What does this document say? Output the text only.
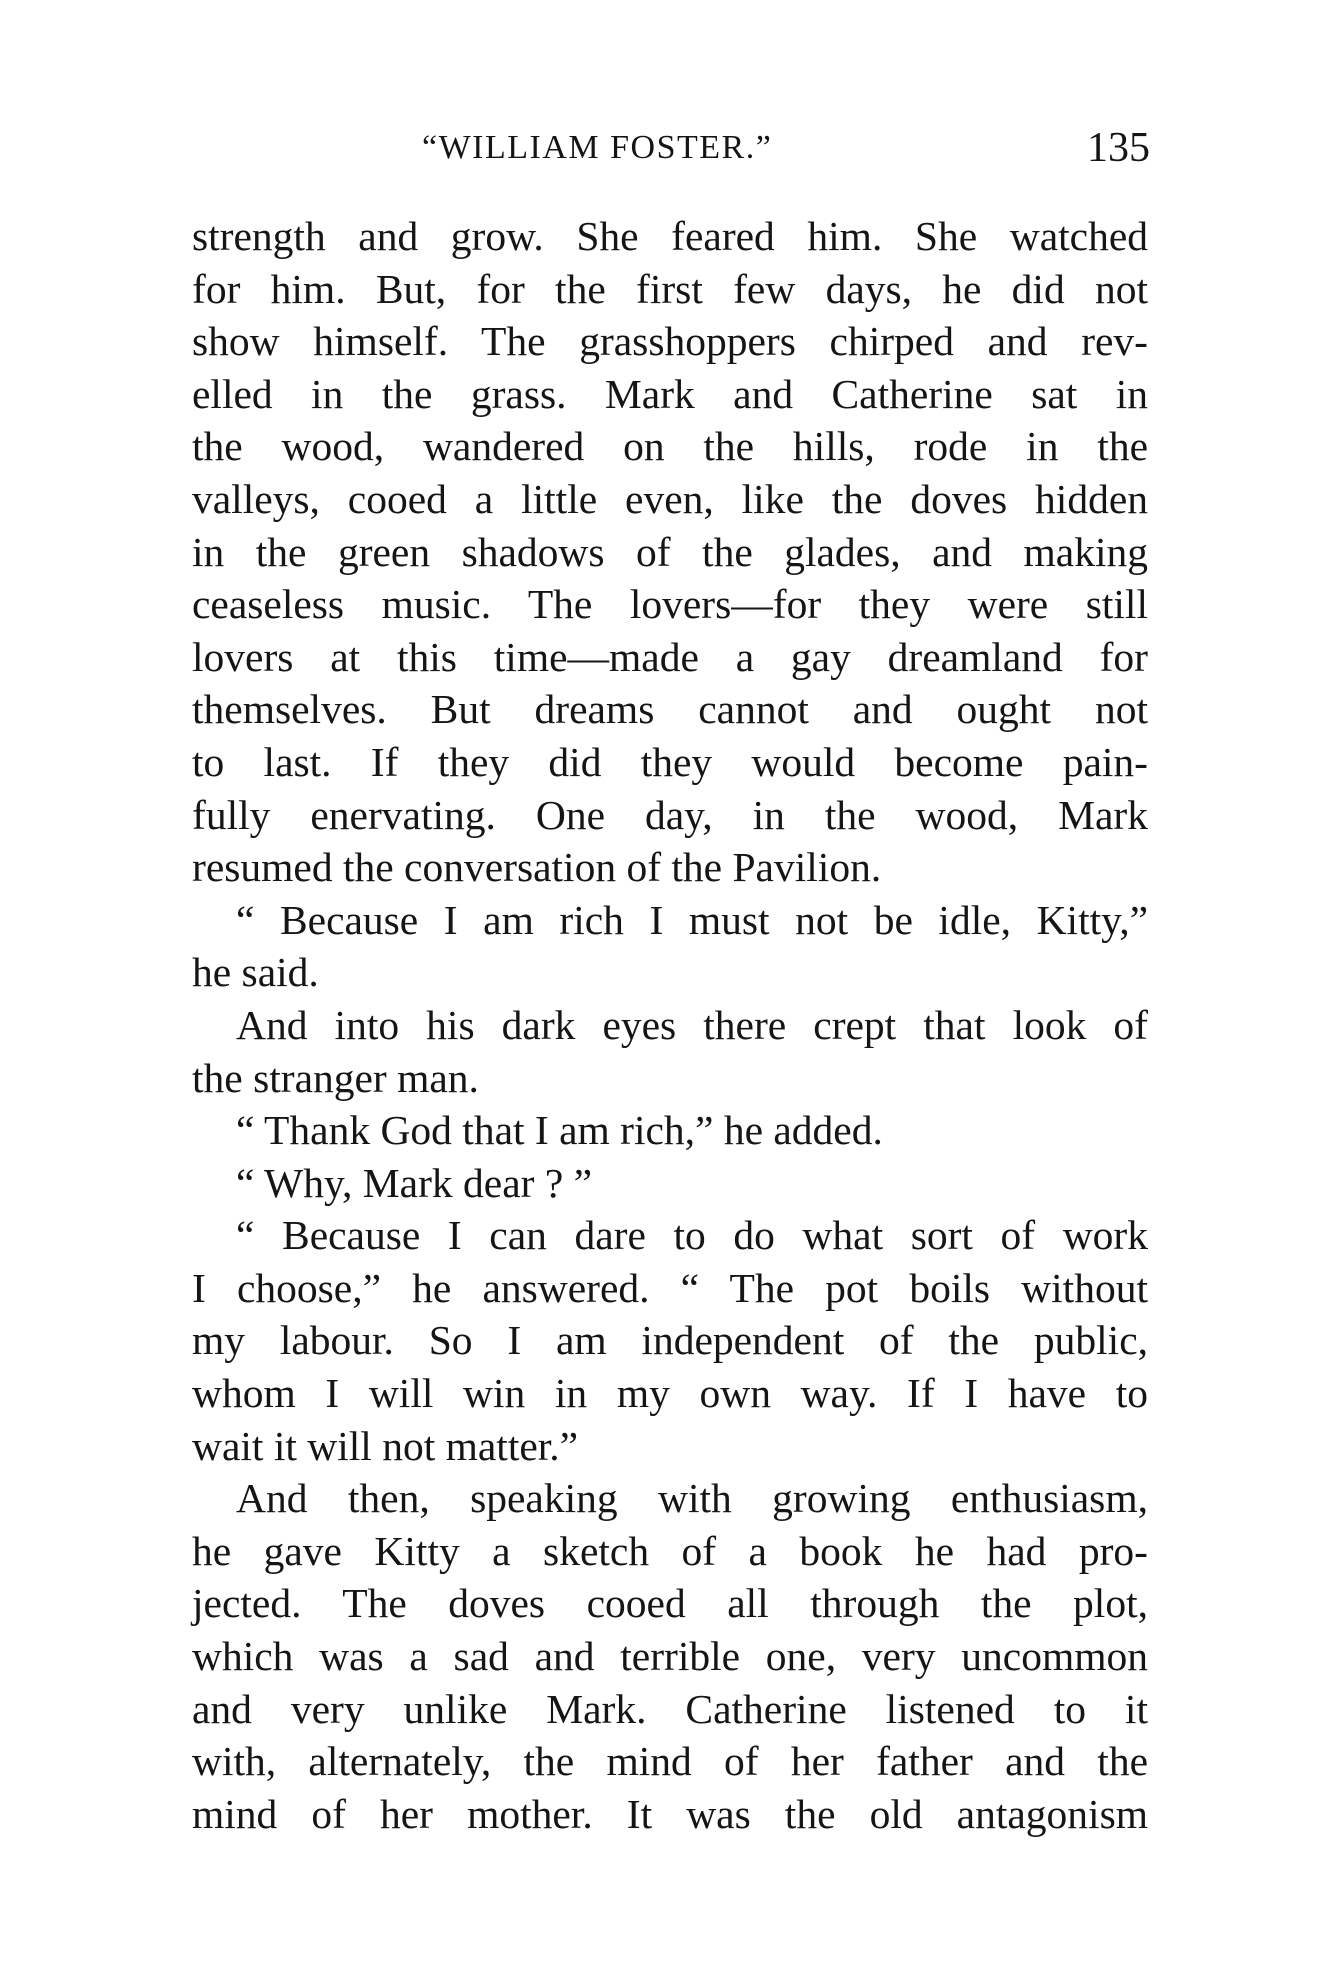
“WILLIAM FOSTER.”	135
strength and grow. She feared him. She watched
for him. But, for the first few days, he did not
show himself. The grasshoppers chirped and rev-
elled in the grass. Mark and Catherine sat in
the wood, wandered on the hills, rode in the
valleys, cooed a little even, like the doves hidden
in the green shadows of the glades, and making
ceaseless music. The lovers—for they were still
lovers at this time—made a gay dreamland for
themselves. But dreams cannot and ought not
to last. If they did they would become pain-
fully enervating. One day, in the wood, Mark
resumed the conversation of the Pavilion.
“ Because I am rich I must not be idle, Kitty,”
he said.
And into his dark eyes there crept that look of
the stranger man.
“ Thank God that I am rich,” he added.
“ Why, Mark dear ? ”
“ Because I can dare to do what sort of work
I choose,” he answered. “ The pot boils without
my labour. So I am independent of the public,
whom I will win in my own way. If I have to
wait it will not matter.”
And then, speaking with growing enthusiasm,
he gave Kitty a sketch of a book he had pro-
jected. The doves cooed all through the plot,
which was a sad and terrible one, very uncommon
and very unlike Mark. Catherine listened to it
with, alternately, the mind of her father and the
mind of her mother. It was the old antagonism
